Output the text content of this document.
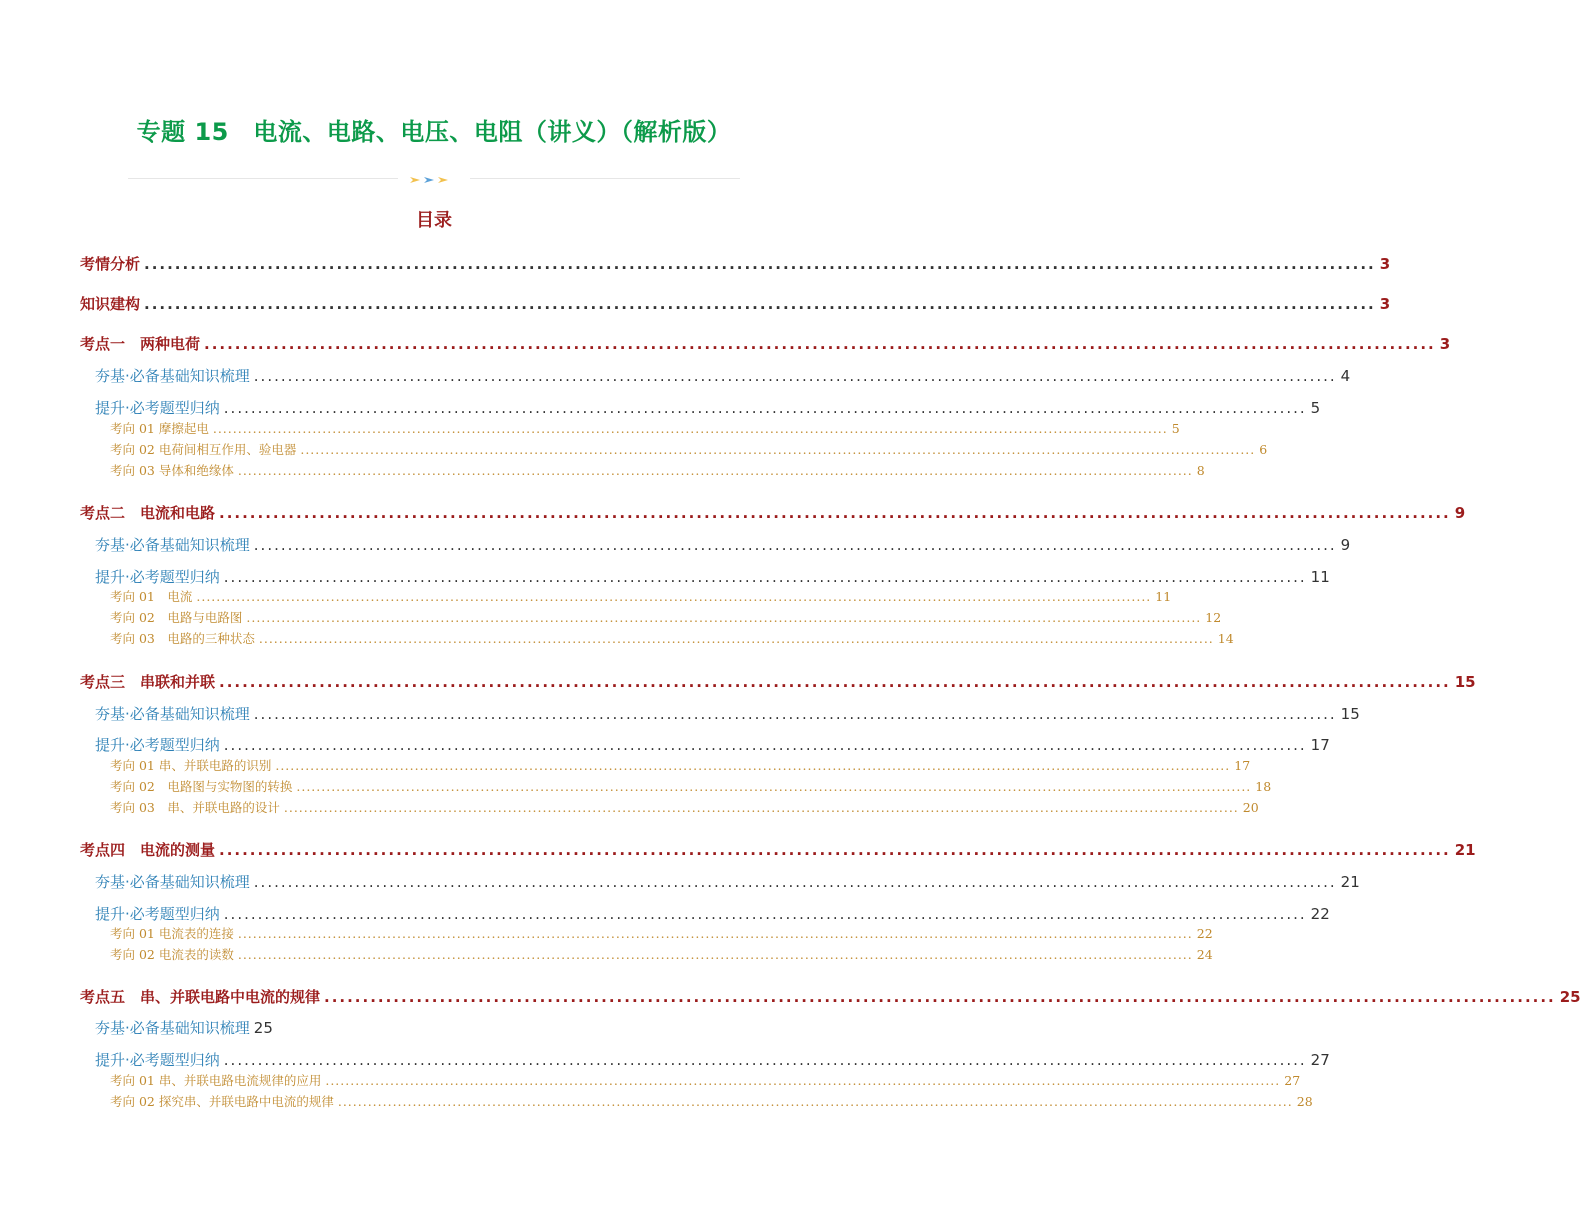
专题 15　电流、电路、电压、电阻（讲义）（解析版）
目录
考情分析 ................................................................................................................................................................ 3
知识建构 ................................................................................................................................................................ 3
考点一　两种电荷 ................................................................................................................................................................ 3
夯基·必备基础知识梳理 ................................................................................................................................................................ 4
提升·必考题型归纳 ................................................................................................................................................................ 5
考向 01 摩擦起电 ................................................................................................................................................................................................ 5
考向 02 电荷间相互作用、验电器 ................................................................................................................................................................................................ 6
考向 03 导体和绝缘体 ................................................................................................................................................................................................ 8
考点二　电流和电路 ................................................................................................................................................................ 9
夯基·必备基础知识梳理 ................................................................................................................................................................ 9
提升·必考题型归纳 ................................................................................................................................................................ 11
考向 01　电流 ................................................................................................................................................................................................ 11
考向 02　电路与电路图 ................................................................................................................................................................................................ 12
考向 03　电路的三种状态 ................................................................................................................................................................................................ 14
考点三　串联和并联 ................................................................................................................................................................ 15
夯基·必备基础知识梳理 ................................................................................................................................................................ 15
提升·必考题型归纳 ................................................................................................................................................................ 17
考向 01 串、并联电路的识别 ................................................................................................................................................................................................ 17
考向 02　电路图与实物图的转换 ................................................................................................................................................................................................ 18
考向 03　串、并联电路的设计 ................................................................................................................................................................................................ 20
考点四　电流的测量 ................................................................................................................................................................ 21
夯基·必备基础知识梳理 ................................................................................................................................................................ 21
提升·必考题型归纳 ................................................................................................................................................................ 22
考向 01 电流表的连接 ................................................................................................................................................................................................ 22
考向 02 电流表的读数 ................................................................................................................................................................................................ 24
考点五　串、并联电路中电流的规律 ................................................................................................................................................................ 25
夯基·必备基础知识梳理 25
提升·必考题型归纳 ................................................................................................................................................................ 27
考向 01 串、并联电路电流规律的应用 ................................................................................................................................................................................................ 27
考向 02 探究串、并联电路中电流的规律 ................................................................................................................................................................................................ 28
